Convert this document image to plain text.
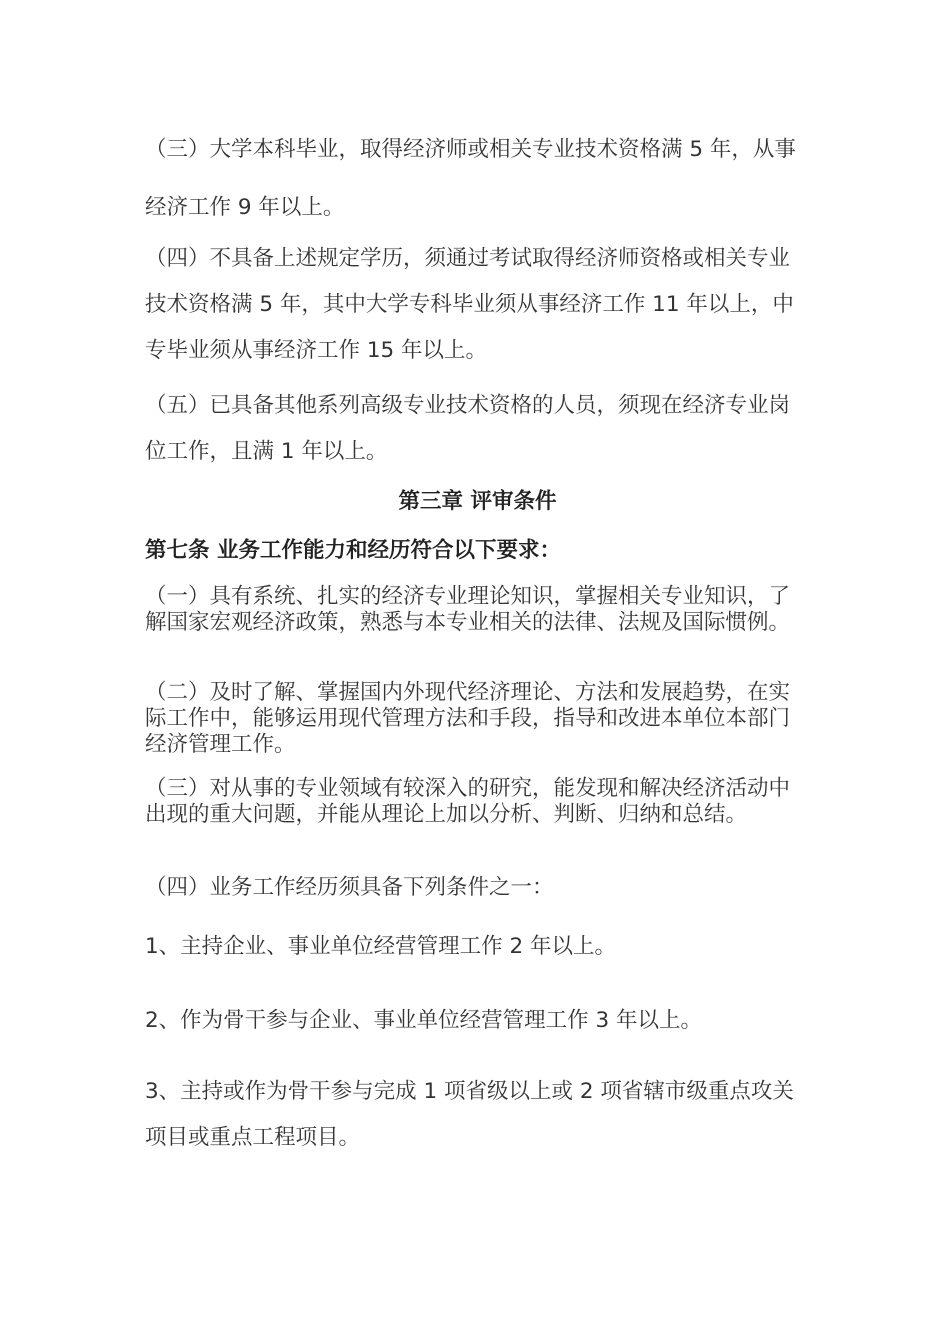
（三）大学本科毕业，取得经济师或相关专业技术资格满 5 年，从事经济工作 9 年以上。

（四）不具备上述规定学历，须通过考试取得经济师资格或相关专业技术资格满 5 年，其中大学专科毕业须从事经济工作 11 年以上，中专毕业须从事经济工作 15 年以上。

（五）已具备其他系列高级专业技术资格的人员，须现在经济专业岗位工作，且满 1 年以上。

第三章 评审条件

第七条 业务工作能力和经历符合以下要求：

（一）具有系统、扎实的经济专业理论知识，掌握相关专业知识，了解国家宏观经济政策，熟悉与本专业相关的法律、法规及国际惯例。

（二）及时了解、掌握国内外现代经济理论、方法和发展趋势，在实际工作中，能够运用现代管理方法和手段，指导和改进本单位本部门经济管理工作。

（三）对从事的专业领域有较深入的研究，能发现和解决经济活动中出现的重大问题，并能从理论上加以分析、判断、归纳和总结。

（四）业务工作经历须具备下列条件之一：

1、主持企业、事业单位经营管理工作 2 年以上。

2、作为骨干参与企业、事业单位经营管理工作 3 年以上。

3、主持或作为骨干参与完成 1 项省级以上或 2 项省辖市级重点攻关项目或重点工程项目。
